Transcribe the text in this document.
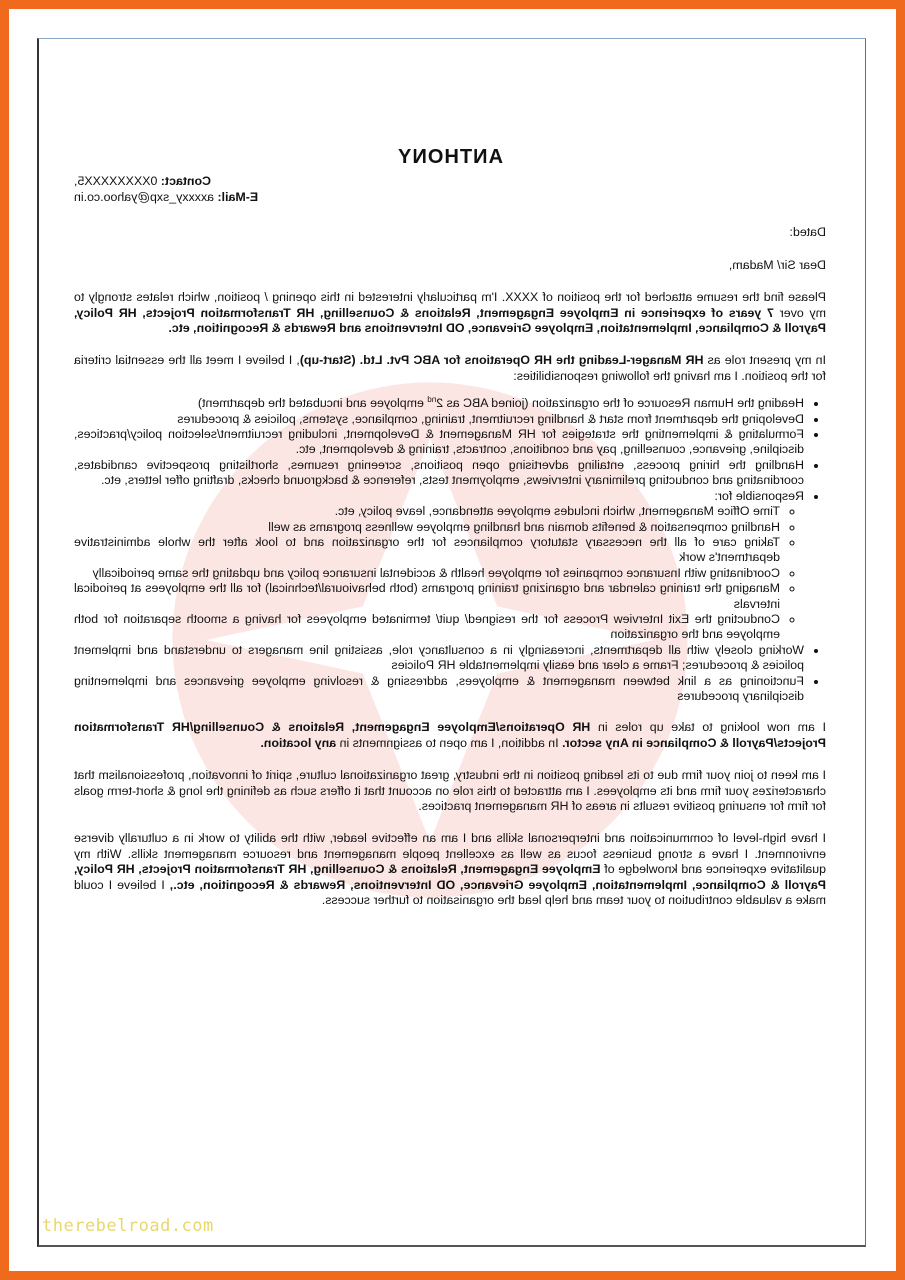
ANTHONY
Contact: 0XXXXXXXX5,
E-Mail: axxxxy_sxp@yahoo.co.in

Dated:

Dear Sir/ Madam,

Please find the resume attached for the position of XXXX. I'm particularly interested in this opening / position, which relates strongly to my over 7 years of experience in Employee Engagement, Relations & Counselling, HR Transformation Projects, HR Policy, Payroll & Compliance, Implementation, Employee Grievance, OD Interventions and Rewards & Recognition, etc.

In my present role as HR Manager-Leading the HR Operations for ABC Pvt. Ltd. (Start-up), I believe I meet all the essential criteria for the position. I am having the following responsibilities:

• Heading the Human Resource of the organization (joined ABC as 2nd employee and incubated the department)
• Developing the department from start & handling recruitment, training, compliance, systems, policies & procedures
• Formulating & implementing the strategies for HR Management & Development, including recruitment/selection policy/practices, discipline, grievance, counselling, pay and conditions, contracts, training & development, etc.
• Handling the hiring process, entailing advertising open positions, screening resumes, shortlisting prospective candidates, coordinating and conducting preliminary interviews, employment tests, reference & background checks, drafting offer letters, etc.
• Responsible for:
◦ Time Office Management, which includes employee attendance, leave policy, etc.
◦ Handling compensation & benefits domain and handling employee wellness programs as well
◦ Taking care of all the necessary statutory compliances for the organization and to look after the whole administrative department's work
◦ Coordinating with Insurance companies for employee health & accidental insurance policy and updating the same periodically
◦ Managing the training calendar and organizing training programs (both behavioural/technical) for all the employees at periodical intervals
◦ Conducting the Exit Interview Process for the resigned/ quit/ terminated employees for having a smooth separation for both employee and the organization
• Working closely with all departments, increasingly in a consultancy role, assisting line managers to understand and implement policies & procedures; Frame a clear and easily implementable HR Policies
• Functioning as a link between management & employees, addressing & resolving employee grievances and implementing disciplinary procedures

I am now looking to take up roles in HR Operations/Employee Engagement, Relations & Counselling/HR Transformation Projects/Payroll & Compliance in Any sector. In addition, I am open to assignments in any location.

I am keen to join your firm due to its leading position in the industry, great organizational culture, spirit of innovation, professionalism that characterizes your firm and its employees. I am attracted to this role on account that it offers such as defining the long & short-term goals for firm for ensuring positive results in areas of HR management practices.

I have high-level of communication and interpersonal skills and I am an effective leader, with the ability to work in a culturally diverse environment. I have a strong business focus as well as excellent people management and resource management skills. With my qualitative experience and knowledge of Employee Engagement, Relations & Counselling, HR Transformation Projects, HR Policy, Payroll & Compliance, Implementation, Employee Grievance, OD Interventions, Rewards & Recognition, etc., I believe I could make a valuable contribution to your team and help lead the organisation to further success.

therebelroad.com
